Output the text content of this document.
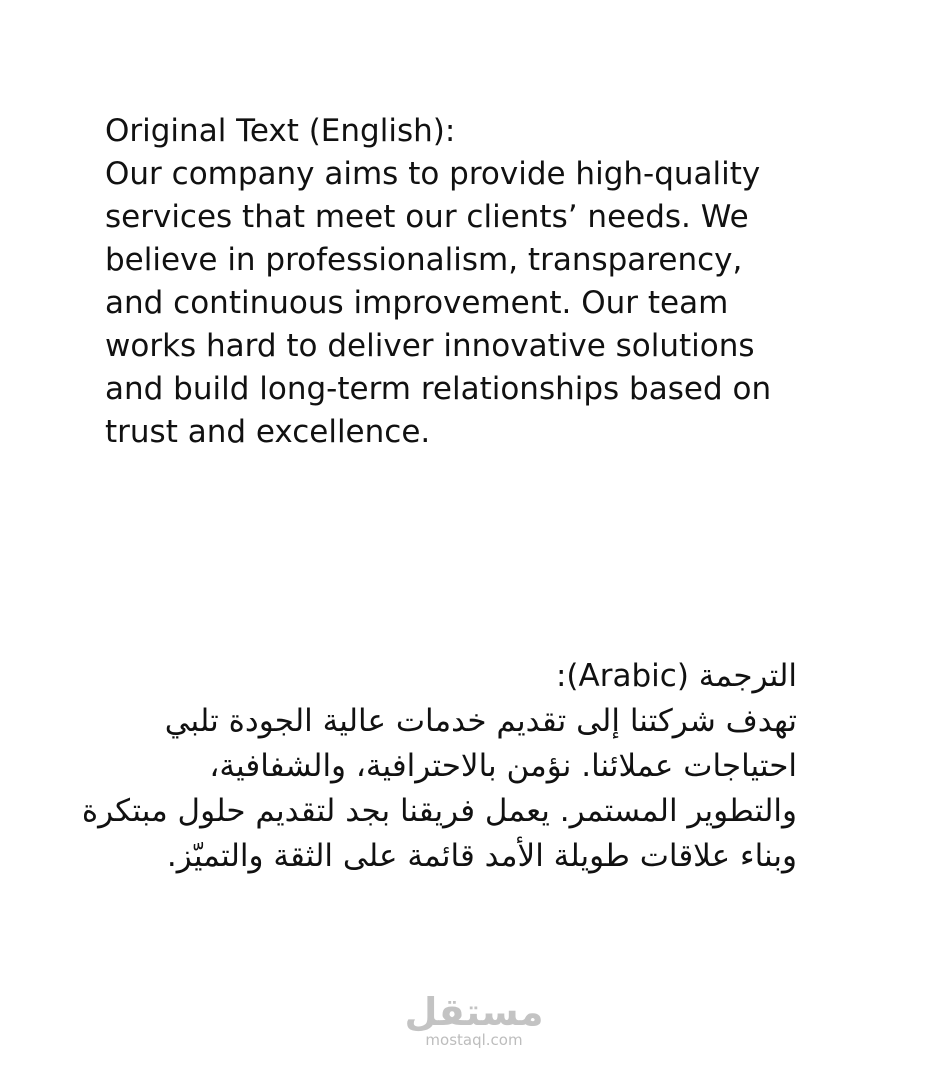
Original Text (English):
Our company aims to provide high-quality
services that meet our clients’ needs. We
believe in professionalism, transparency,
and continuous improvement. Our team
works hard to deliver innovative solutions
and build long-term relationships based on
trust and excellence.
الترجمة (Arabic):
تهدف شركتنا إلى تقديم خدمات عالية الجودة تلبي
احتياجات عملائنا. نؤمن بالاحترافية، والشفافية،
والتطوير المستمر. يعمل فريقنا بجد لتقديم حلول مبتكرة
وبناء علاقات طويلة الأمد قائمة على الثقة والتميّز.
مستقل
mostaql.com
